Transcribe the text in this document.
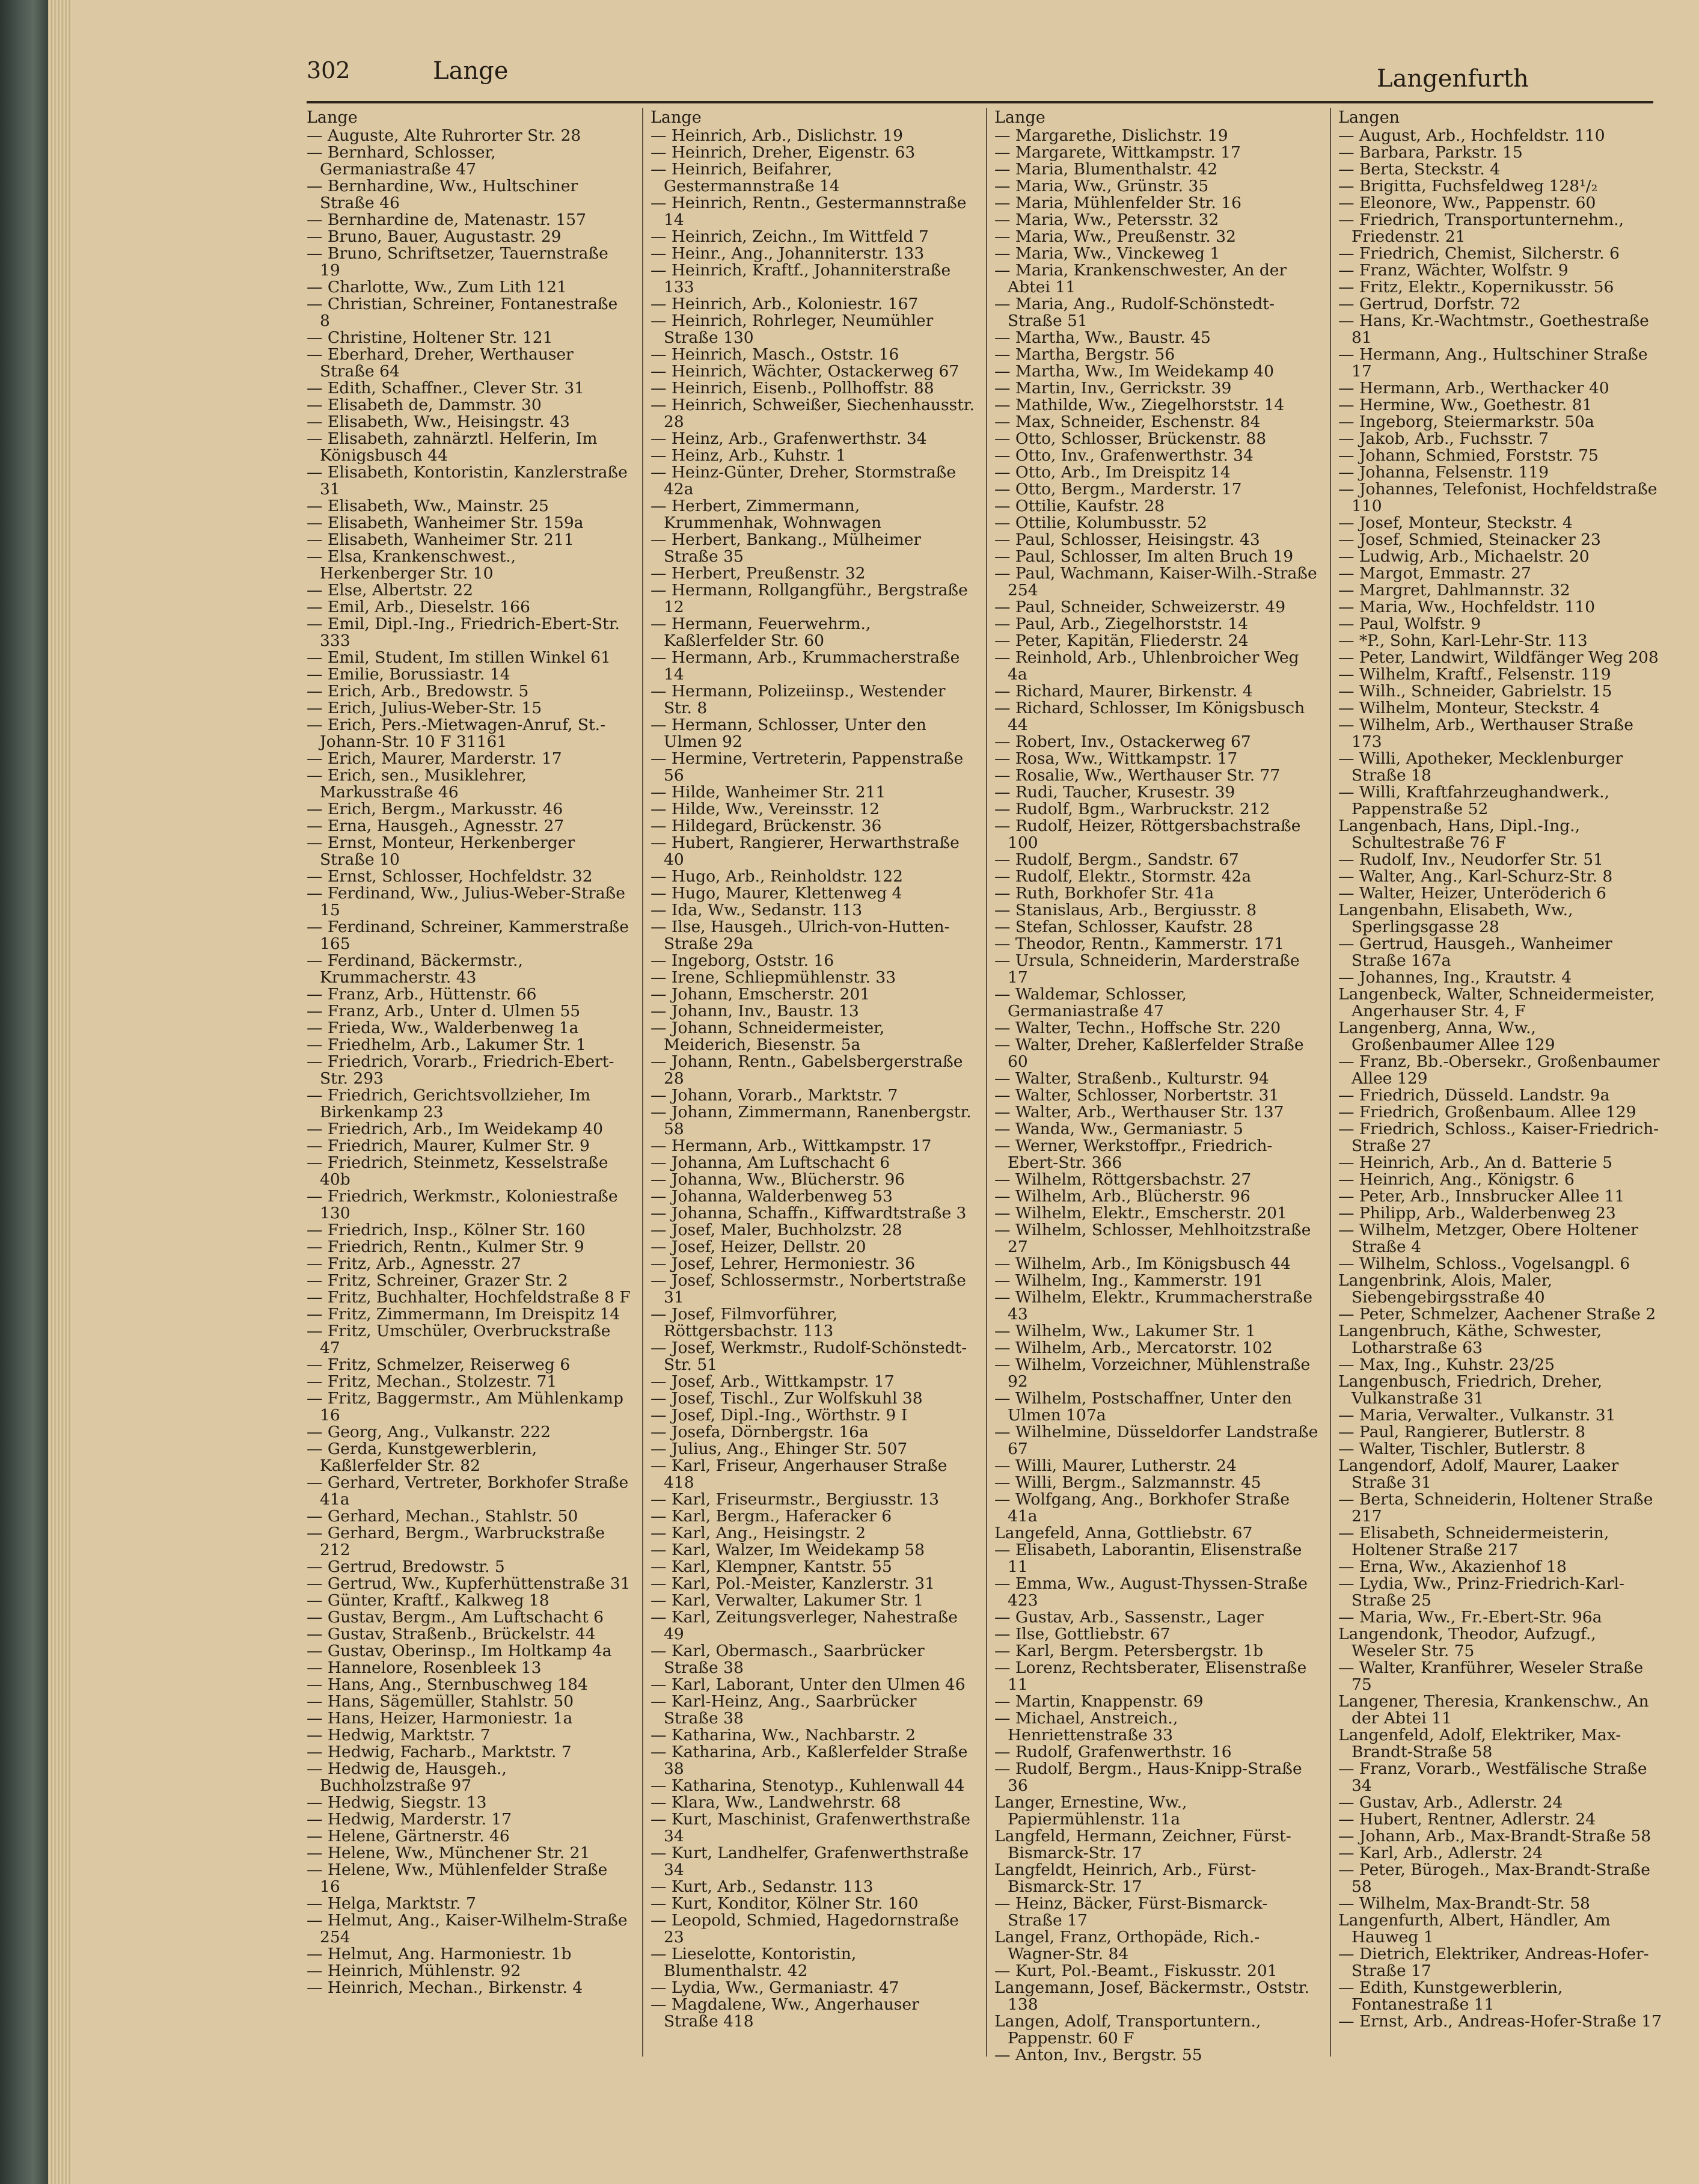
302	Lange	Langenfurth
Lange
— Auguste, Alte Ruhrorter Str. 28
— Bernhard, Schlosser, Germaniastraße 47
— Bernhardine, Ww., Hultschiner Straße 46
— Bernhardine de, Matenastr. 157
— Bruno, Bauer, Augustastr. 29
— Bruno, Schriftsetzer, Tauernstraße 19
— Charlotte, Ww., Zum Lith 121
— Christian, Schreiner, Fontanestraße 8
— Christine, Holtener Str. 121
— Eberhard, Dreher, Werthauser Straße 64
— Edith, Schaffner., Clever Str. 31
— Elisabeth de, Dammstr. 30
— Elisabeth, Ww., Heisingstr. 43
— Elisabeth, zahnärztl. Helferin, Im Königsbusch 44
— Elisabeth, Kontoristin, Kanzlerstraße 31
— Elisabeth, Ww., Mainstr. 25
— Elisabeth, Wanheimer Str. 159a
— Elisabeth, Wanheimer Str. 211
— Elsa, Krankenschwest., Herkenberger Str. 10
— Else, Albertstr. 22
— Emil, Arb., Dieselstr. 166
— Emil, Dipl.-Ing., Friedrich-Ebert-Str. 333
— Emil, Student, Im stillen Winkel 61
— Emilie, Borussiastr. 14
— Erich, Arb., Bredowstr. 5
— Erich, Julius-Weber-Str. 15
— Erich, Pers.-Mietwagen-Anruf, St.-Johann-Str. 10 F 31161
— Erich, Maurer, Marderstr. 17
— Erich, sen., Musiklehrer, Markusstraße 46
— Erich, Bergm., Markusstr. 46
— Erna, Hausgeh., Agnesstr. 27
— Ernst, Monteur, Herkenberger Straße 10
— Ernst, Schlosser, Hochfeldstr. 32
— Ferdinand, Ww., Julius-Weber-Straße 15
— Ferdinand, Schreiner, Kammerstraße 165
— Ferdinand, Bäckermstr., Krummacherstr. 43
— Franz, Arb., Hüttenstr. 66
— Franz, Arb., Unter d. Ulmen 55
— Frieda, Ww., Walderbenweg 1a
— Friedhelm, Arb., Lakumer Str. 1
— Friedrich, Vorarb., Friedrich-Ebert-Str. 293
— Friedrich, Gerichtsvollzieher, Im Birkenkamp 23
— Friedrich, Arb., Im Weidekamp 40
— Friedrich, Maurer, Kulmer Str. 9
— Friedrich, Steinmetz, Kesselstraße 40b
— Friedrich, Werkmstr., Koloniestraße 130
— Friedrich, Insp., Kölner Str. 160
— Friedrich, Rentn., Kulmer Str. 9
— Fritz, Arb., Agnesstr. 27
— Fritz, Schreiner, Grazer Str. 2
— Fritz, Buchhalter, Hochfeldstraße 8 F
— Fritz, Zimmermann, Im Dreispitz 14
— Fritz, Umschüler, Overbruckstraße 47
— Fritz, Schmelzer, Reiserweg 6
— Fritz, Mechan., Stolzestr. 71
— Fritz, Baggermstr., Am Mühlenkamp 16
— Georg, Ang., Vulkanstr. 222
— Gerda, Kunstgewerblerin, Kaßlerfelder Str. 82
— Gerhard, Vertreter, Borkhofer Straße 41a
— Gerhard, Mechan., Stahlstr. 50
— Gerhard, Bergm., Warbruckstraße 212
— Gertrud, Bredowstr. 5
— Gertrud, Ww., Kupferhüttenstraße 31
— Günter, Kraftf., Kalkweg 18
— Gustav, Bergm., Am Luftschacht 6
— Gustav, Straßenb., Brückelstr. 44
— Gustav, Oberinsp., Im Holtkamp 4a
— Hannelore, Rosenbleek 13
— Hans, Ang., Sternbuschweg 184
— Hans, Sägemüller, Stahlstr. 50
— Hans, Heizer, Harmoniestr. 1a
— Hedwig, Marktstr. 7
— Hedwig, Facharb., Marktstr. 7
— Hedwig de, Hausgeh., Buchholzstraße 97
— Hedwig, Siegstr. 13
— Hedwig, Marderstr. 17
— Helene, Gärtnerstr. 46
— Helene, Ww., Münchener Str. 21
— Helene, Ww., Mühlenfelder Straße 16
— Helga, Marktstr. 7
— Helmut, Ang., Kaiser-Wilhelm-Straße 254
— Helmut, Ang. Harmoniestr. 1b
— Heinrich, Mühlenstr. 92
— Heinrich, Mechan., Birkenstr. 4
Lange
— Heinrich, Arb., Dislichstr. 19
— Heinrich, Dreher, Eigenstr. 63
— Heinrich, Beifahrer, Gestermannstraße 14
— Heinrich, Rentn., Gestermannstraße 14
— Heinrich, Zeichn., Im Wittfeld 7
— Heinr., Ang., Johanniterstr. 133
— Heinrich, Kraftf., Johanniterstraße 133
— Heinrich, Arb., Koloniestr. 167
— Heinrich, Rohrleger, Neumühler Straße 130
— Heinrich, Masch., Oststr. 16
— Heinrich, Wächter, Ostackerweg 67
— Heinrich, Eisenb., Pollhoffstr. 88
— Heinrich, Schweißer, Siechenhausstr. 28
— Heinz, Arb., Grafenwerthstr. 34
— Heinz, Arb., Kuhstr. 1
— Heinz-Günter, Dreher, Stormstraße 42a
— Herbert, Zimmermann, Krummenhak, Wohnwagen
— Herbert, Bankang., Mülheimer Straße 35
— Herbert, Preußenstr. 32
— Hermann, Rollgangführ., Bergstraße 12
— Hermann, Feuerwehrm., Kaßlerfelder Str. 60
— Hermann, Arb., Krummacherstraße 14
— Hermann, Polizeiinsp., Westender Str. 8
— Hermann, Schlosser, Unter den Ulmen 92
— Hermine, Vertreterin, Pappenstraße 56
— Hilde, Wanheimer Str. 211
— Hilde, Ww., Vereinsstr. 12
— Hildegard, Brückenstr. 36
— Hubert, Rangierer, Herwarthstraße 40
— Hugo, Arb., Reinholdstr. 122
— Hugo, Maurer, Klettenweg 4
— Ida, Ww., Sedanstr. 113
— Ilse, Hausgeh., Ulrich-von-Hutten-Straße 29a
— Ingeborg, Oststr. 16
— Irene, Schliepmühlenstr. 33
— Johann, Emscherstr. 201
— Johann, Inv., Baustr. 13
— Johann, Schneidermeister, Meiderich, Biesenstr. 5a
— Johann, Rentn., Gabelsbergerstraße 28
— Johann, Vorarb., Marktstr. 7
— Johann, Zimmermann, Ranenbergstr. 58
— Hermann, Arb., Wittkampstr. 17
— Johanna, Am Luftschacht 6
— Johanna, Ww., Blücherstr. 96
— Johanna, Walderbenweg 53
— Johanna, Schaffn., Kiffwardtstraße 3
— Josef, Maler, Buchholzstr. 28
— Josef, Heizer, Dellstr. 20
— Josef, Lehrer, Hermoniestr. 36
— Josef, Schlossermstr., Norbertstraße 31
— Josef, Filmvorführer, Röttgersbachstr. 113
— Josef, Werkmstr., Rudolf-Schönstedt-Str. 51
— Josef, Arb., Wittkampstr. 17
— Josef, Tischl., Zur Wolfskuhl 38
— Josef, Dipl.-Ing., Wörthstr. 9 I
— Josefa, Dörnbergstr. 16a
— Julius, Ang., Ehinger Str. 507
— Karl, Friseur, Angerhauser Straße 418
— Karl, Friseurmstr., Bergiusstr. 13
— Karl, Bergm., Haferacker 6
— Karl, Ang., Heisingstr. 2
— Karl, Walzer, Im Weidekamp 58
— Karl, Klempner, Kantstr. 55
— Karl, Pol.-Meister, Kanzlerstr. 31
— Karl, Verwalter, Lakumer Str. 1
— Karl, Zeitungsverleger, Nahestraße 49
— Karl, Obermasch., Saarbrücker Straße 38
— Karl, Laborant, Unter den Ulmen 46
— Karl-Heinz, Ang., Saarbrücker Straße 38
— Katharina, Ww., Nachbarstr. 2
— Katharina, Arb., Kaßlerfelder Straße 38
— Katharina, Stenotyp., Kuhlenwall 44
— Klara, Ww., Landwehrstr. 68
— Kurt, Maschinist, Grafenwerthstraße 34
— Kurt, Landhelfer, Grafenwerthstraße 34
— Kurt, Arb., Sedanstr. 113
— Kurt, Konditor, Kölner Str. 160
— Leopold, Schmied, Hagedornstraße 23
— Lieselotte, Kontoristin, Blumenthalstr. 42
— Lydia, Ww., Germaniastr. 47
— Magdalene, Ww., Angerhauser Straße 418
Lange
— Margarethe, Dislichstr. 19
— Margarete, Wittkampstr. 17
— Maria, Blumenthalstr. 42
— Maria, Ww., Grünstr. 35
— Maria, Mühlenfelder Str. 16
— Maria, Ww., Petersstr. 32
— Maria, Ww., Preußenstr. 32
— Maria, Ww., Vinckeweg 1
— Maria, Krankenschwester, An der Abtei 11
— Maria, Ang., Rudolf-Schönstedt-Straße 51
— Martha, Ww., Baustr. 45
— Martha, Bergstr. 56
— Martha, Ww., Im Weidekamp 40
— Martin, Inv., Gerrickstr. 39
— Mathilde, Ww., Ziegelhorststr. 14
— Max, Schneider, Eschenstr. 84
— Otto, Schlosser, Brückenstr. 88
— Otto, Inv., Grafenwerthstr. 34
— Otto, Arb., Im Dreispitz 14
— Otto, Bergm., Marderstr. 17
— Ottilie, Kaufstr. 28
— Ottilie, Kolumbusstr. 52
— Paul, Schlosser, Heisingstr. 43
— Paul, Schlosser, Im alten Bruch 19
— Paul, Wachmann, Kaiser-Wilh.-Straße 254
— Paul, Schneider, Schweizerstr. 49
— Paul, Arb., Ziegelhorststr. 14
— Peter, Kapitän, Fliederstr. 24
— Reinhold, Arb., Uhlenbroicher Weg 4a
— Richard, Maurer, Birkenstr. 4
— Richard, Schlosser, Im Königsbusch 44
— Robert, Inv., Ostackerweg 67
— Rosa, Ww., Wittkampstr. 17
— Rosalie, Ww., Werthauser Str. 77
— Rudi, Taucher, Krusestr. 39
— Rudolf, Bgm., Warbruckstr. 212
— Rudolf, Heizer, Röttgersbachstraße 100
— Rudolf, Bergm., Sandstr. 67
— Rudolf, Elektr., Stormstr. 42a
— Ruth, Borkhofer Str. 41a
— Stanislaus, Arb., Bergiusstr. 8
— Stefan, Schlosser, Kaufstr. 28
— Theodor, Rentn., Kammerstr. 171
— Ursula, Schneiderin, Marderstraße 17
— Waldemar, Schlosser, Germaniastraße 47
— Walter, Techn., Hoffsche Str. 220
— Walter, Dreher, Kaßlerfelder Straße 60
— Walter, Straßenb., Kulturstr. 94
— Walter, Schlosser, Norbertstr. 31
— Walter, Arb., Werthauser Str. 137
— Wanda, Ww., Germaniastr. 5
— Werner, Werkstoffpr., Friedrich-Ebert-Str. 366
— Wilhelm, Röttgersbachstr. 27
— Wilhelm, Arb., Blücherstr. 96
— Wilhelm, Elektr., Emscherstr. 201
— Wilhelm, Schlosser, Mehlhoitzstraße 27
— Wilhelm, Arb., Im Königsbusch 44
— Wilhelm, Ing., Kammerstr. 191
— Wilhelm, Elektr., Krummacherstraße 43
— Wilhelm, Ww., Lakumer Str. 1
— Wilhelm, Arb., Mercatorstr. 102
— Wilhelm, Vorzeichner, Mühlenstraße 92
— Wilhelm, Postschaffner, Unter den Ulmen 107a
— Wilhelmine, Düsseldorfer Landstraße 67
— Willi, Maurer, Lutherstr. 24
— Willi, Bergm., Salzmannstr. 45
— Wolfgang, Ang., Borkhofer Straße 41a
Langefeld, Anna, Gottliebstr. 67
— Elisabeth, Laborantin, Elisenstraße 11
— Emma, Ww., August-Thyssen-Straße 423
— Gustav, Arb., Sassenstr., Lager
— Ilse, Gottliebstr. 67
— Karl, Bergm. Petersbergstr. 1b
— Lorenz, Rechtsberater, Elisenstraße 11
— Martin, Knappenstr. 69
— Michael, Anstreich., Henriettenstraße 33
— Rudolf, Grafenwerthstr. 16
— Rudolf, Bergm., Haus-Knipp-Straße 36
Langer, Ernestine, Ww., Papiermühlenstr. 11a
Langfeld, Hermann, Zeichner, Fürst-Bismarck-Str. 17
Langfeldt, Heinrich, Arb., Fürst-Bismarck-Str. 17
— Heinz, Bäcker, Fürst-Bismarck-Straße 17
Langel, Franz, Orthopäde, Rich.-Wagner-Str. 84
— Kurt, Pol.-Beamt., Fiskusstr. 201
Langemann, Josef, Bäckermstr., Oststr. 138
Langen, Adolf, Transportuntern., Pappenstr. 60 F
— Anton, Inv., Bergstr. 55
Langen
— August, Arb., Hochfeldstr. 110
— Barbara, Parkstr. 15
— Berta, Steckstr. 4
— Brigitta, Fuchsfeldweg 128¹/₂
— Eleonore, Ww., Pappenstr. 60
— Friedrich, Transportunternehm., Friedenstr. 21
— Friedrich, Chemist, Silcherstr. 6
— Franz, Wächter, Wolfstr. 9
— Fritz, Elektr., Kopernikusstr. 56
— Gertrud, Dorfstr. 72
— Hans, Kr.-Wachtmstr., Goethestraße 81
— Hermann, Ang., Hultschiner Straße 17
— Hermann, Arb., Werthacker 40
— Hermine, Ww., Goethestr. 81
— Ingeborg, Steiermarkstr. 50a
— Jakob, Arb., Fuchsstr. 7
— Johann, Schmied, Forststr. 75
— Johanna, Felsenstr. 119
— Johannes, Telefonist, Hochfeldstraße 110
— Josef, Monteur, Steckstr. 4
— Josef, Schmied, Steinacker 23
— Ludwig, Arb., Michaelstr. 20
— Margot, Emmastr. 27
— Margret, Dahlmannstr. 32
— Maria, Ww., Hochfeldstr. 110
— Paul, Wolfstr. 9
— *P., Sohn, Karl-Lehr-Str. 113
— Peter, Landwirt, Wildfänger Weg 208
— Wilhelm, Kraftf., Felsenstr. 119
— Wilh., Schneider, Gabrielstr. 15
— Wilhelm, Monteur, Steckstr. 4
— Wilhelm, Arb., Werthauser Straße 173
— Willi, Apotheker, Mecklenburger Straße 18
— Willi, Kraftfahrzeughandwerk., Pappenstraße 52
Langenbach, Hans, Dipl.-Ing., Schultestraße 76 F
— Rudolf, Inv., Neudorfer Str. 51
— Walter, Ang., Karl-Schurz-Str. 8
— Walter, Heizer, Unteröderich 6
Langenbahn, Elisabeth, Ww., Sperlingsgasse 28
— Gertrud, Hausgeh., Wanheimer Straße 167a
— Johannes, Ing., Krautstr. 4
Langenbeck, Walter, Schneidermeister, Angerhauser Str. 4, F
Langenberg, Anna, Ww., Großenbaumer Allee 129
— Franz, Bb.-Obersekr., Großenbaumer Allee 129
— Friedrich, Düsseld. Landstr. 9a
— Friedrich, Großenbaum. Allee 129
— Friedrich, Schloss., Kaiser-Friedrich-Straße 27
— Heinrich, Arb., An d. Batterie 5
— Heinrich, Ang., Königstr. 6
— Peter, Arb., Innsbrucker Allee 11
— Philipp, Arb., Walderbenweg 23
— Wilhelm, Metzger, Obere Holtener Straße 4
— Wilhelm, Schloss., Vogelsangpl. 6
Langenbrink, Alois, Maler, Siebengebirgsstraße 40
— Peter, Schmelzer, Aachener Straße 2
Langenbruch, Käthe, Schwester, Lotharstraße 63
— Max, Ing., Kuhstr. 23/25
Langenbusch, Friedrich, Dreher, Vulkanstraße 31
— Maria, Verwalter., Vulkanstr. 31
— Paul, Rangierer, Butlerstr. 8
— Walter, Tischler, Butlerstr. 8
Langendorf, Adolf, Maurer, Laaker Straße 31
— Berta, Schneiderin, Holtener Straße 217
— Elisabeth, Schneidermeisterin, Holtener Straße 217
— Erna, Ww., Akazienhof 18
— Lydia, Ww., Prinz-Friedrich-Karl-Straße 25
— Maria, Ww., Fr.-Ebert-Str. 96a
Langendonk, Theodor, Aufzugf., Weseler Str. 75
— Walter, Kranführer, Weseler Straße 75
Langener, Theresia, Krankenschw., An der Abtei 11
Langenfeld, Adolf, Elektriker, Max-Brandt-Straße 58
— Franz, Vorarb., Westfälische Straße 34
— Gustav, Arb., Adlerstr. 24
— Hubert, Rentner, Adlerstr. 24
— Johann, Arb., Max-Brandt-Straße 58
— Karl, Arb., Adlerstr. 24
— Peter, Bürogeh., Max-Brandt-Straße 58
— Wilhelm, Max-Brandt-Str. 58
Langenfurth, Albert, Händler, Am Hauweg 1
— Dietrich, Elektriker, Andreas-Hofer-Straße 17
— Edith, Kunstgewerblerin, Fontanestraße 11
— Ernst, Arb., Andreas-Hofer-Straße 17
